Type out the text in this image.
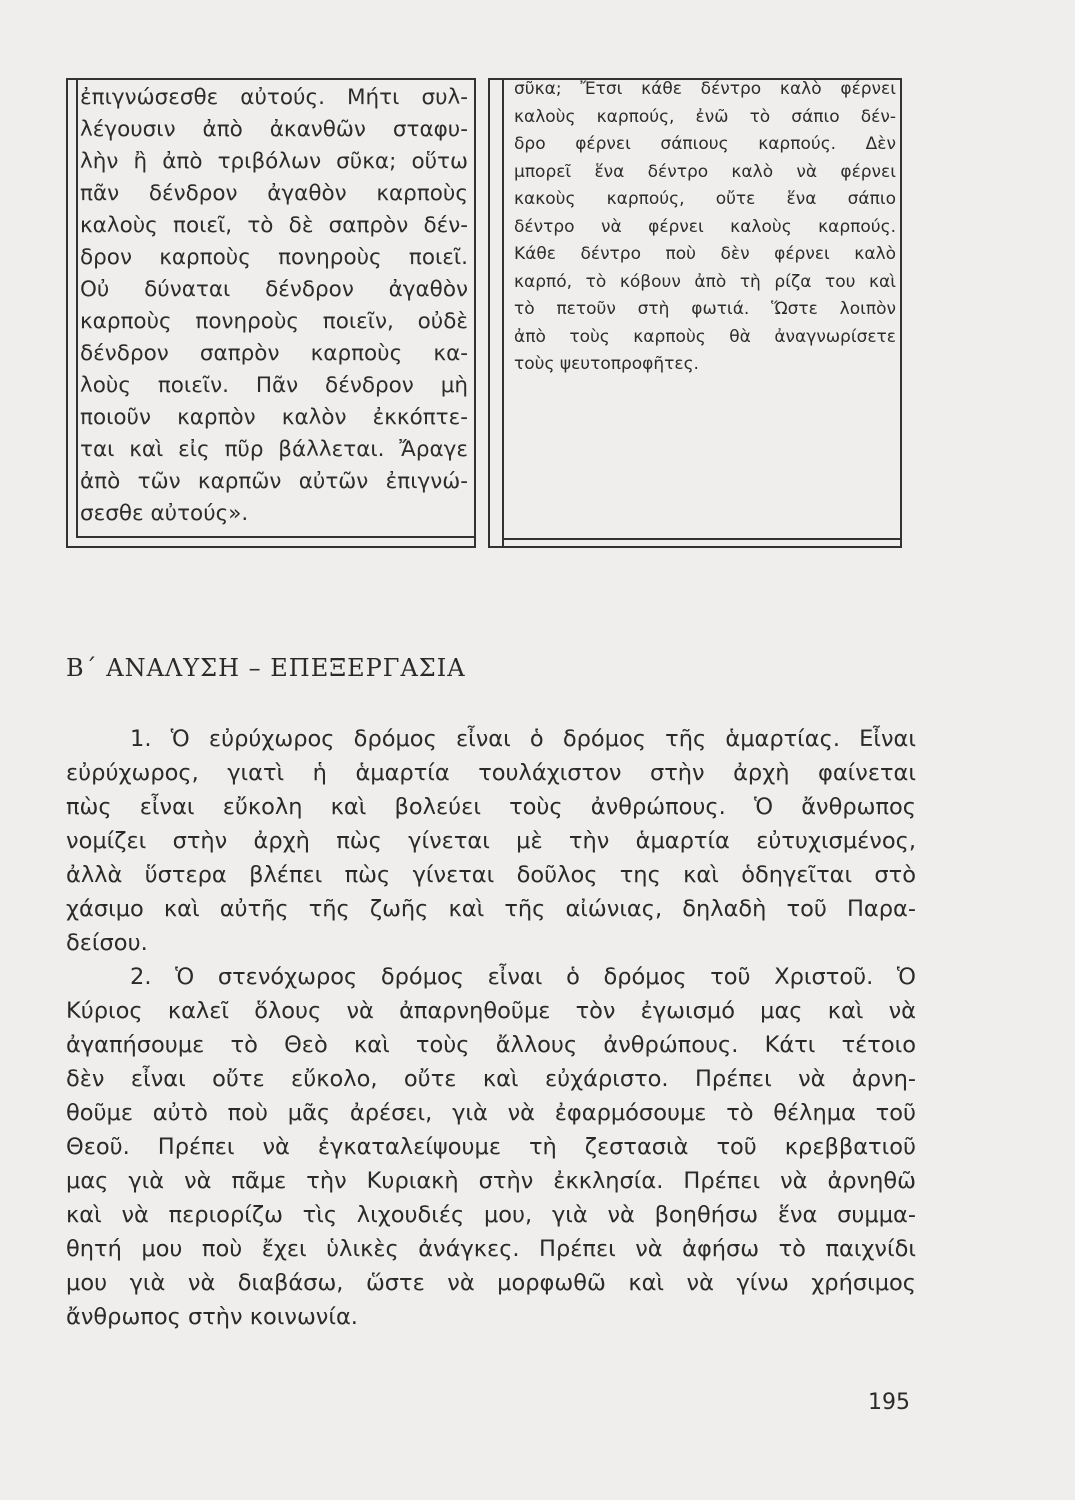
ἐπιγνώσεσθε αὐτούς. Μήτι συλ-
λέγουσιν ἀπὸ ἀκανθῶν σταφυ-
λὴν ἢ ἀπὸ τριβόλων σῦκα; οὕτω
πᾶν δένδρον ἀγαθὸν καρποὺς
καλοὺς ποιεῖ, τὸ δὲ σαπρὸν δέν-
δρον καρποὺς πονηροὺς ποιεῖ.
Οὐ δύναται δένδρον ἀγαθὸν
καρποὺς πονηροὺς ποιεῖν, οὐδὲ
δένδρον σαπρὸν καρποὺς κα-
λοὺς ποιεῖν. Πᾶν δένδρον μὴ
ποιοῦν καρπὸν καλὸν ἐκκόπτε-
ται καὶ εἰς πῦρ βάλλεται. Ἄραγε
ἀπὸ τῶν καρπῶν αὐτῶν ἐπιγνώ-
σεσθε αὐτούς».
σῦκα; Ἔτσι κάθε δέντρο καλὸ φέρνει
καλοὺς καρπούς, ἐνῶ τὸ σάπιο δέν-
δρο φέρνει σάπιους καρπούς. Δὲν
μπορεῖ ἕνα δέντρο καλὸ νὰ φέρνει
κακοὺς καρπούς, οὔτε ἕνα σάπιο
δέντρο νὰ φέρνει καλοὺς καρπούς.
Κάθε δέντρο ποὺ δὲν φέρνει καλὸ
καρπό, τὸ κόβουν ἀπὸ τὴ ρίζα του καὶ
τὸ πετοῦν στὴ φωτιά. Ὥστε λοιπὸν
ἀπὸ τοὺς καρποὺς θὰ ἀναγνωρίσετε
τοὺς ψευτοπροφῆτες.
Β΄ ΑΝΑΛΥΣΗ – ΕΠΕΞΕΡΓΑΣΙΑ
1. Ὁ εὐρύχωρος δρόμος εἶναι ὁ δρόμος τῆς ἁμαρτίας. Εἶναι
εὐρύχωρος, γιατὶ ἡ ἁμαρτία τουλάχιστον στὴν ἀρχὴ φαίνεται
πὼς εἶναι εὔκολη καὶ βολεύει τοὺς ἀνθρώπους. Ὁ ἄνθρωπος
νομίζει στὴν ἀρχὴ πὼς γίνεται μὲ τὴν ἁμαρτία εὐτυχισμένος,
ἀλλὰ ὕστερα βλέπει πὼς γίνεται δοῦλος της καὶ ὁδηγεῖται στὸ
χάσιμο καὶ αὐτῆς τῆς ζωῆς καὶ τῆς αἰώνιας, δηλαδὴ τοῦ Παρα-
δείσου.
2. Ὁ στενόχωρος δρόμος εἶναι ὁ δρόμος τοῦ Χριστοῦ. Ὁ
Κύριος καλεῖ ὅλους νὰ ἀπαρνηθοῦμε τὸν ἐγωισμό μας καὶ νὰ
ἀγαπήσουμε τὸ Θεὸ καὶ τοὺς ἄλλους ἀνθρώπους. Κάτι τέτοιο
δὲν εἶναι οὔτε εὔκολο, οὔτε καὶ εὐχάριστο. Πρέπει νὰ ἀρνη-
θοῦμε αὐτὸ ποὺ μᾶς ἀρέσει, γιὰ νὰ ἐφαρμόσουμε τὸ θέλημα τοῦ
Θεοῦ. Πρέπει νὰ ἐγκαταλείψουμε τὴ ζεστασιὰ τοῦ κρεββατιοῦ
μας γιὰ νὰ πᾶμε τὴν Κυριακὴ στὴν ἐκκλησία. Πρέπει νὰ ἀρνηθῶ
καὶ νὰ περιορίζω τὶς λιχουδιές μου, γιὰ νὰ βοηθήσω ἕνα συμμα-
θητή μου ποὺ ἔχει ὑλικὲς ἀνάγκες. Πρέπει νὰ ἀφήσω τὸ παιχνίδι
μου γιὰ νὰ διαβάσω, ὥστε νὰ μορφωθῶ καὶ νὰ γίνω χρήσιμος
ἄνθρωπος στὴν κοινωνία.
195
